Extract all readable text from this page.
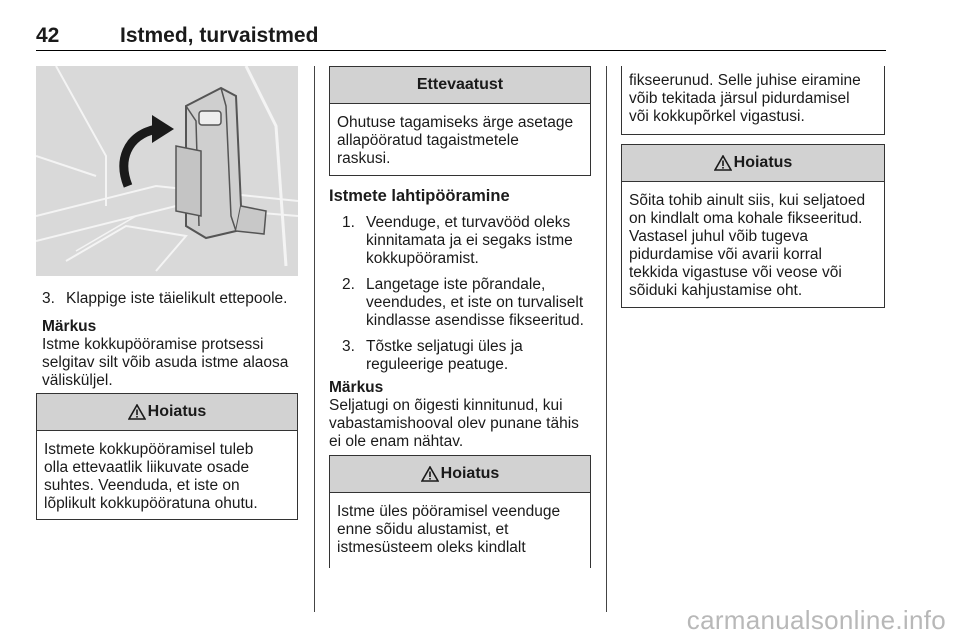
42	Istmed, turvaistmed
3. Klappige iste täielikult ettepoole.
Märkus
Istme kokkupööramise protsessi
selgitav silt võib asuda istme alaosa
välisküljel.
Hoiatus
Istmete kokkupööramisel tuleb
olla ettevaatlik liikuvate osade
suhtes. Veenduda, et iste on
lõplikult kokkupööratuna ohutu.
Ettevaatust
Ohutuse tagamiseks ärge asetage
allapööratud tagaistmetele
raskusi.
Istmete lahtipööramine
1. Veenduge, et turvavööd oleks
kinnitamata ja ei segaks istme
kokkupööramist.
2. Langetage iste põrandale,
veendudes, et iste on turvaliselt
kindlasse asendisse fikseeritud.
3. Tõstke seljatugi üles ja
reguleerige peatuge.
Märkus
Seljatugi on õigesti kinnitunud, kui
vabastamishooval olev punane tähis
ei ole enam nähtav.
Hoiatus
Istme üles pööramisel veenduge
enne sõidu alustamist, et
istmesüsteem oleks kindlalt
fikseerunud. Selle juhise eiramine
võib tekitada järsul pidurdamisel
või kokkupõrkel vigastusi.
Hoiatus
Sõita tohib ainult siis, kui seljatoed
on kindlalt oma kohale fikseeritud.
Vastasel juhul võib tugeva
pidurdamise või avarii korral
tekkida vigastuse või veose või
sõiduki kahjustamise oht.
carmanualsonline.info
